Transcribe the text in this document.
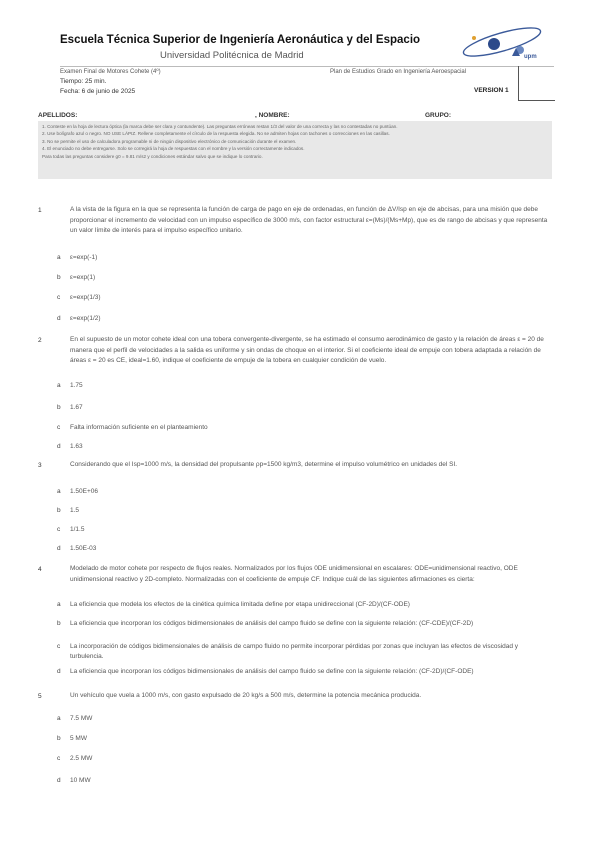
Escuela Técnica Superior de Ingeniería Aeronáutica y del Espacio
Universidad Politécnica de Madrid	upm
Examen Final de Motores Cohete (4º)	Plan de Estudios Grado en Ingeniería Aeroespacial
Tiempo: 25 min.
Fecha: 6 de junio de 2025	VERSION 1
APELLIDOS:	, NOMBRE:	GRUPO:
1. Conteste en la hoja de lectura óptica (la marca debe ser clara y contundente). Las preguntas erróneas restan 1/3 del valor de una correcta y las no contestadas no puntúan.
2. Use bolígrafo azul o negro. NO USE LÁPIZ. Rellene completamente el círculo de la respuesta elegida. No se admiten hojas con tachones o correcciones en las casillas.
3. No se permite el uso de calculadora programable ni de ningún dispositivo electrónico de comunicación durante el examen.
4. El enunciado no debe entregarse. Solo se corregirá la hoja de respuestas con el nombre y la versión correctamente indicados.
Para todas las preguntas considere g0 = 9.81 m/s2 y condiciones estándar salvo que se indique lo contrario.
1	A la vista de la figura en la que se representa la función de carga de pago en eje de ordenadas, en función de ΔV/Isp en eje de abcisas, para una misión que debe proporcionar el incremento de velocidad con un impulso específico de 3000 m/s, con factor estructural ε=(Ms)/(Ms+Mp), que es de rango de abcisas y que representa un valor límite de interés para el impulso específico unitario.
a ε=exp(-1)
b ε=exp(1)
c ε=exp(1/3)
d ε=exp(1/2)
2	En el supuesto de un motor cohete ideal con una tobera convergente-divergente, se ha estimado el consumo aerodinámico de gasto y la relación de áreas ε = 20 de manera que el perfil de velocidades a la salida es uniforme y sin ondas de choque en el interior. Si el coeficiente ideal de empuje con tobera adaptada a relación de áreas ε = 20 es CE, ideal=1.60, indique el coeficiente de empuje de la tobera en cualquier condición de vuelo.
a 1.75
b 1.67
c Falta información suficiente en el planteamiento
d 1.63
3	Considerando que el Isp=1000 m/s, la densidad del propulsante ρp=1500 kg/m3, determine el impulso volumétrico en unidades del SI.
a 1.50E+06
b 1.5
c 1/1.5
d 1.50E-03
4	Modelado de motor cohete por respecto de flujos reales. Normalizados por los flujos 0DE unidimensional en escalares: ODE=unidimensional reactivo, ODE unidimensional reactivo y 2D-completo. Normalizadas con el coeficiente de empuje CF. Indique cuál de las siguientes afirmaciones es cierta:
a La eficiencia que modela los efectos de la cinética química limitada define por etapa unidireccional (CF-2D)/(CF-ODE)
b La eficiencia que incorporan los códigos bidimensionales de análisis del campo fluido se define con la siguiente relación: (CF-CDE)/(CF-2D)
c La incorporación de códigos bidimensionales de análisis de campo fluido no permite incorporar pérdidas por zonas que incluyan las efectos de viscosidad y turbulencia.
d La eficiencia que incorporan los códigos bidimensionales de análisis del campo fluido se define con la siguiente relación: (CF-2D)/(CF-ODE)
5	Un vehículo que vuela a 1000 m/s, con gasto expulsado de 20 kg/s a 500 m/s, determine la potencia mecánica producida.
a 7.5 MW
b 5 MW
c 2.5 MW
d 10 MW
